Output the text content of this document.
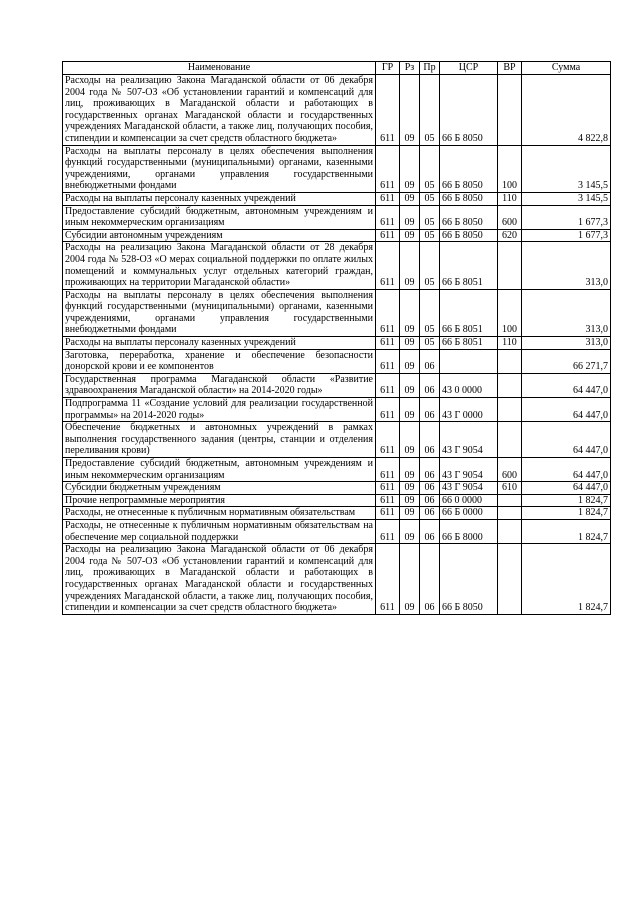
Наименование	ГР	Рз	Пр	ЦСР	ВР	Сумма
Расходы на реализацию Закона Магаданской области от 06 декабря 2004 года № 507-ОЗ «Об установлении гарантий и компенсаций для лиц, проживающих в Магаданской области и работающих в государственных органах Магаданской области и государственных учреждениях Магаданской области, а также лиц, получающих пособия, стипендии и компенсации за счет средств областного бюджета»	611	09	05	66 Б 8050		4 822,8
Расходы на выплаты персоналу в целях обеспечения выполнения функций государственными (муниципальными) органами, казенными учреждениями, органами управления государственными внебюджетными фондами	611	09	05	66 Б 8050	100	3 145,5
Расходы на выплаты персоналу казенных учреждений	611	09	05	66 Б 8050	110	3 145,5
Предоставление субсидий бюджетным, автономным учреждениям и иным некоммерческим организациям	611	09	05	66 Б 8050	600	1 677,3
Субсидии автономным учреждениям	611	09	05	66 Б 8050	620	1 677,3
Расходы на реализацию Закона Магаданской области от 28 декабря 2004 года № 528-ОЗ «О мерах социальной поддержки по оплате жилых помещений и коммунальных услуг отдельных категорий граждан, проживающих на территории Магаданской области»	611	09	05	66 Б 8051		313,0
Расходы на выплаты персоналу в целях обеспечения выполнения функций государственными (муниципальными) органами, казенными учреждениями, органами управления государственными внебюджетными фондами	611	09	05	66 Б 8051	100	313,0
Расходы на выплаты персоналу казенных учреждений	611	09	05	66 Б 8051	110	313,0
Заготовка, переработка, хранение и обеспечение безопасности донорской крови и ее компонентов	611	09	06			66 271,7
Государственная программа Магаданской области «Развитие здравоохранения Магаданской области» на 2014-2020 годы»	611	09	06	43 0 0000		64 447,0
Подпрограмма 11 «Создание условий для реализации государственной программы» на 2014-2020 годы»	611	09	06	43 Г 0000		64 447,0
Обеспечение бюджетных и автономных учреждений в рамках выполнения государственного задания (центры, станции и отделения переливания крови)	611	09	06	43 Г 9054		64 447,0
Предоставление субсидий бюджетным, автономным учреждениям и иным некоммерческим организациям	611	09	06	43 Г 9054	600	64 447,0
Субсидии бюджетным учреждениям	611	09	06	43 Г 9054	610	64 447,0
Прочие непрограммные мероприятия	611	09	06	66 0 0000		1 824,7
Расходы, не отнесенные к публичным нормативным обязательствам	611	09	06	66 Б 0000		1 824,7
Расходы, не отнесенные к публичным нормативным обязательствам на обеспечение мер социальной поддержки	611	09	06	66 Б 8000		1 824,7
Расходы на реализацию Закона Магаданской области от 06 декабря 2004 года № 507-ОЗ «Об установлении гарантий и компенсаций для лиц, проживающих в Магаданской области и работающих в государственных органах Магаданской области и государственных учреждениях Магаданской области, а также лиц, получающих пособия, стипендии и компенсации за счет средств областного бюджета»	611	09	06	66 Б 8050		1 824,7
